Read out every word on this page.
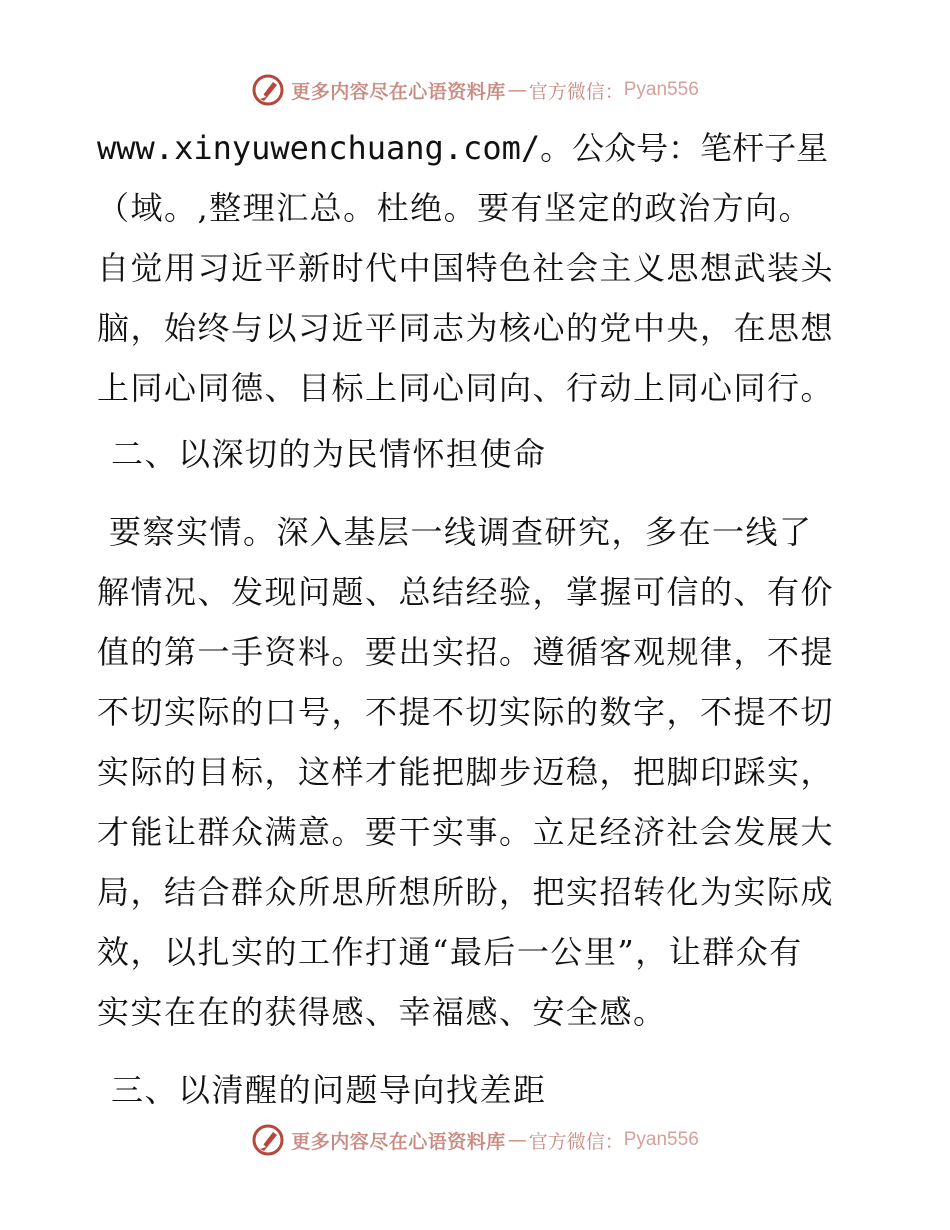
更多内容尽在心语资料库 — 官方微信： Pyan556
www.xinyuwenchuang.com/。公众号：笔杆子星
（域。,整理汇总。杜绝。要有坚定的政治方向。
自觉用习近平新时代中国特色社会主义思想武装头
脑，始终与以习近平同志为核心的党中央，在思想
上同心同德、目标上同心同向、行动上同心同行。
二、以深切的为民情怀担使命
要察实情。深入基层一线调查研究，多在一线了
解情况、发现问题、总结经验，掌握可信的、有价
值的第一手资料。要出实招。遵循客观规律，不提
不切实际的口号，不提不切实际的数字，不提不切
实际的目标，这样才能把脚步迈稳，把脚印踩实，
才能让群众满意。要干实事。立足经济社会发展大
局，结合群众所思所想所盼，把实招转化为实际成
效，以扎实的工作打通“最后一公里”，让群众有
实实在在的获得感、幸福感、安全感。
三、以清醒的问题导向找差距
更多内容尽在心语资料库 — 官方微信： Pyan556
